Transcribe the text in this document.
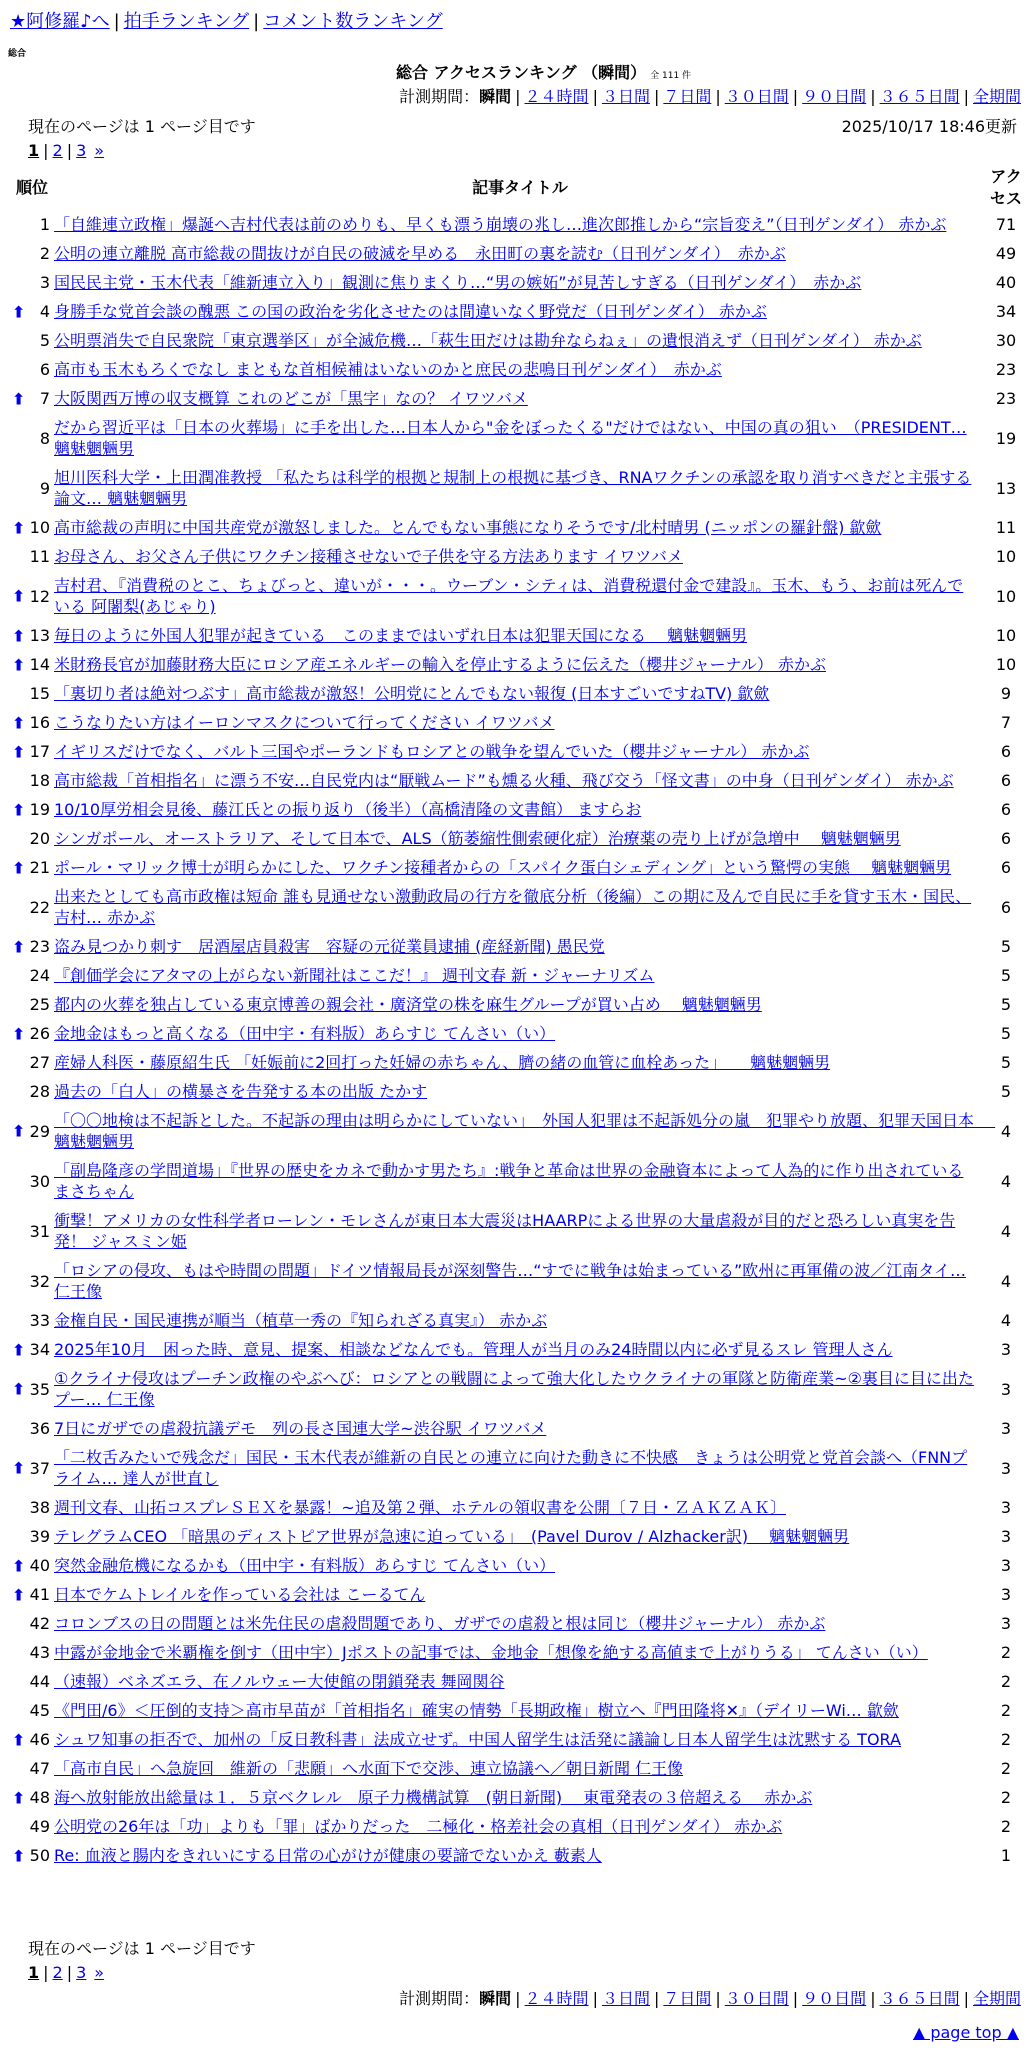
★阿修羅♪へ | 拍手ランキング | コメント数ランキング
総合
総合 アクセスランキング （瞬間） 全 111 件
計測期間：瞬間 | ２４時間 | ３日間 | ７日間 | ３０日間 | ９０日間 | ３６５日間 | 全期間
現在のページは 1 ページ目です	2025/10/17 18:46更新
1 | 2 | 3 »
順位	記事タイトル	アクセス
1	「自維連立政権」爆誕へ吉村代表は前のめりも、早くも漂う崩壊の兆し…進次郎推しから“宗旨変え”（日刊ゲンダイ） 赤かぶ	71
2	公明の連立離脱 高市総裁の間抜けが自民の破滅を早める　永田町の裏を読む（日刊ゲンダイ）　赤かぶ	49
3	国民民主党・玉木代表「維新連立入り」観測に焦りまくり…“男の嫉妬”が見苦しすぎる（日刊ゲンダイ）　赤かぶ	40

⬆ 4	身勝手な党首会談の醜悪 この国の政治を劣化させたのは間違いなく野党だ（日刊ゲンダイ） 赤かぶ	34
5	公明票消失で自民衆院「東京選挙区」が全滅危機…「萩生田だけは勘弁ならねぇ」の遺恨消えず（日刊ゲンダイ） 赤かぶ	30
6	高市も玉木もろくでなし まともな首相候補はいないのかと庶民の悲鳴日刊ゲンダイ）　赤かぶ	23

⬆ 7	大阪関西万博の収支概算 これのどこが「黒字」なの？ イワツバメ	23
8	だから習近平は「日本の火葬場」に手を出した…日本人から"金をぼったくる"だけではない、中国の真の狙い　（PRESIDENT… 魑魅魍魎男	19
9	旭川医科大学・上田潤准教授 「私たちは科学的根拠と規制上の根拠に基づき、RNAワクチンの承認を取り消すべきだと主張する論文… 魑魅魍魎男	13

⬆ 10	高市総裁の声明に中国共産党が激怒しました。とんでもない事態になりそうです/北村晴男 (ニッポンの羅針盤) 歙歛	11
11	お母さん、お父さん子供にワクチン接種させないで子供を守る方法あります イワツバメ	10

⬆ 12	吉村君、『消費税のとこ、ちょびっと、違いが・・・。ウーブン・シティは、消費税還付金で建設』。玉木、もう、お前は死んでいる 阿闍梨(あじゃり)	10

⬆ 13	毎日のように外国人犯罪が起きている　このままではいずれ日本は犯罪天国になる　 魑魅魍魎男	10

⬆ 14	米財務長官が加藤財務大臣にロシア産エネルギーの輸入を停止するように伝えた（櫻井ジャーナル） 赤かぶ	10
15	「裏切り者は絶対つぶす」高市総裁が激怒！公明党にとんでもない報復 (日本すごいですねTV) 歙歛	9

⬆ 16	こうなりたい方はイーロンマスクについて行ってください イワツバメ	7

⬆ 17	イギリスだけでなく、バルト三国やポーランドもロシアとの戦争を望んでいた（櫻井ジャーナル） 赤かぶ	6
18	高市総裁「首相指名」に漂う不安…自民党内は“厭戦ムード”も燻る火種、飛び交う「怪文書」の中身（日刊ゲンダイ） 赤かぶ	6

⬆ 19	10/10厚労相会見後、藤江氏との振り返り（後半）（高橋清隆の文書館） ますらお	6
20	シンガポール、オーストラリア、そして日本で、ALS（筋萎縮性側索硬化症）治療薬の売り上げが急増中　 魑魅魍魎男	6

⬆ 21	ポール・マリック博士が明らかにした、ワクチン接種者からの「スパイク蛋白シェディング」という驚愕の実態　 魑魅魍魎男	6
22	出来たとしても高市政権は短命 誰も見通せない激動政局の行方を徹底分析（後編）この期に及んで自民に手を貸す玉木・国民、吉村… 赤かぶ	6

⬆ 23	盗み見つかり刺す　居酒屋店員殺害　容疑の元従業員逮捕 (産経新聞) 愚民党	5
24	『創価学会にアタマの上がらない新聞社はここだ！』 週刊文春 新・ジャーナリズム	5
25	都内の火葬を独占している東京博善の親会社・廣済堂の株を麻生グループが買い占め　 魑魅魍魎男	5

⬆ 26	金地金はもっと高くなる（田中宇・有料版）あらすじ てんさい（い）	5
27	産婦人科医・藤原紹生氏 「妊娠前に2回打った妊婦の赤ちゃん、臍の緒の血管に血栓あった」　　魑魅魍魎男	5
28	過去の「白人」の横暴さを告発する本の出版 たかす	5

⬆ 29	「〇〇地検は不起訴とした。不起訴の理由は明らかにしていない」　外国人犯罪は不起訴処分の嵐　犯罪やり放題、犯罪天国日本　 魑魅魍魎男	4
30	「副島隆彦の学問道場」『世界の歴史をカネで動かす男たち』:戦争と革命は世界の金融資本によって人為的に作り出されている まさちゃん	4
31	衝撃！アメリカの女性科学者ローレン・モレさんが東日本大震災はHAARPによる世界の大量虐殺が目的だと恐ろしい真実を告発！ ジャスミン姫	4
32	「ロシアの侵攻、もはや時間の問題」ドイツ情報局長が深刻警告…“すでに戦争は始まっている”欧州に再軍備の波／江南タイ… 仁王像	4
33	金権自民・国民連携が順当（植草一秀の『知られざる真実』） 赤かぶ	4

⬆ 34	2025年10月　困った時、意見、提案、相談などなんでも。管理人が当月のみ24時間以内に必ず見るスレ 管理人さん	3

⬆ 35	①クライナ侵攻はプーチン政権のやぶへび：ロシアとの戦闘によって強大化したウクライナの軍隊と防衛産業~②裏目に目に出たプー… 仁王像	3
36	7日にガザでの虐殺抗議デモ　列の長さ国連大学~渋谷駅 イワツバメ	3

⬆ 37	「二枚舌みたいで残念だ」国民・玉木代表が維新の自民との連立に向けた動きに不快感　きょうは公明党と党首会談へ（FNNプライム… 達人が世直し	3
38	週刊文春、山拓コスプレＳＥＸを暴露！~追及第２弾、ホテルの領収書を公開〔７日・ＺＡＫＺＡＫ〕	3
39	テレグラムCEO 「暗黒のディストピア世界が急速に迫っている」　(Pavel Durov / Alzhacker訳)　 魑魅魍魎男	3

⬆ 40	突然金融危機になるかも（田中宇・有料版）あらすじ てんさい（い）	3

⬆ 41	日本でケムトレイルを作っている会社は こーるてん	3
42	コロンブスの日の問題とは米先住民の虐殺問題であり、ガザでの虐殺と根は同じ（櫻井ジャーナル） 赤かぶ	3
43	中露が金地金で米覇権を倒す（田中宇）Jポストの記事では、金地金「想像を絶する高値まで上がりうる」 てんさい（い）	2
44	（速報）ベネズエラ、在ノルウェー大使館の閉鎖発表 舞岡関谷	2
45	《門田/6》＜圧倒的支持＞高市早苗が「首相指名」確実の情勢「長期政権」樹立へ『門田隆将✕』（デイリーWi… 歙歛	2

⬆ 46	シュワ知事の拒否で、加州の「反日教科書」法成立せず。中国人留学生は活発に議論し日本人留学生は沈黙する TORA	2
47	「高市自民」へ急旋回　維新の「悲願」へ水面下で交渉、連立協議へ／朝日新聞 仁王像	2

⬆ 48	海へ放射能放出総量は１．５京ベクレル　原子力機構試算　(朝日新聞)　 東電発表の３倍超える　 赤かぶ	2
49	公明党の26年は「功」よりも「罪」ばかりだった　二極化・格差社会の真相（日刊ゲンダイ） 赤かぶ	2

⬆ 50	Re: 血液と腸内をきれいにする日常の心がけが健康の要諦でないかえ 藪素人	1
現在のページは 1 ページ目です
1 | 2 | 3 »
計測期間：瞬間 | ２４時間 | ３日間 | ７日間 | ３０日間 | ９０日間 | ３６５日間 | 全期間
▲ page top ▲
